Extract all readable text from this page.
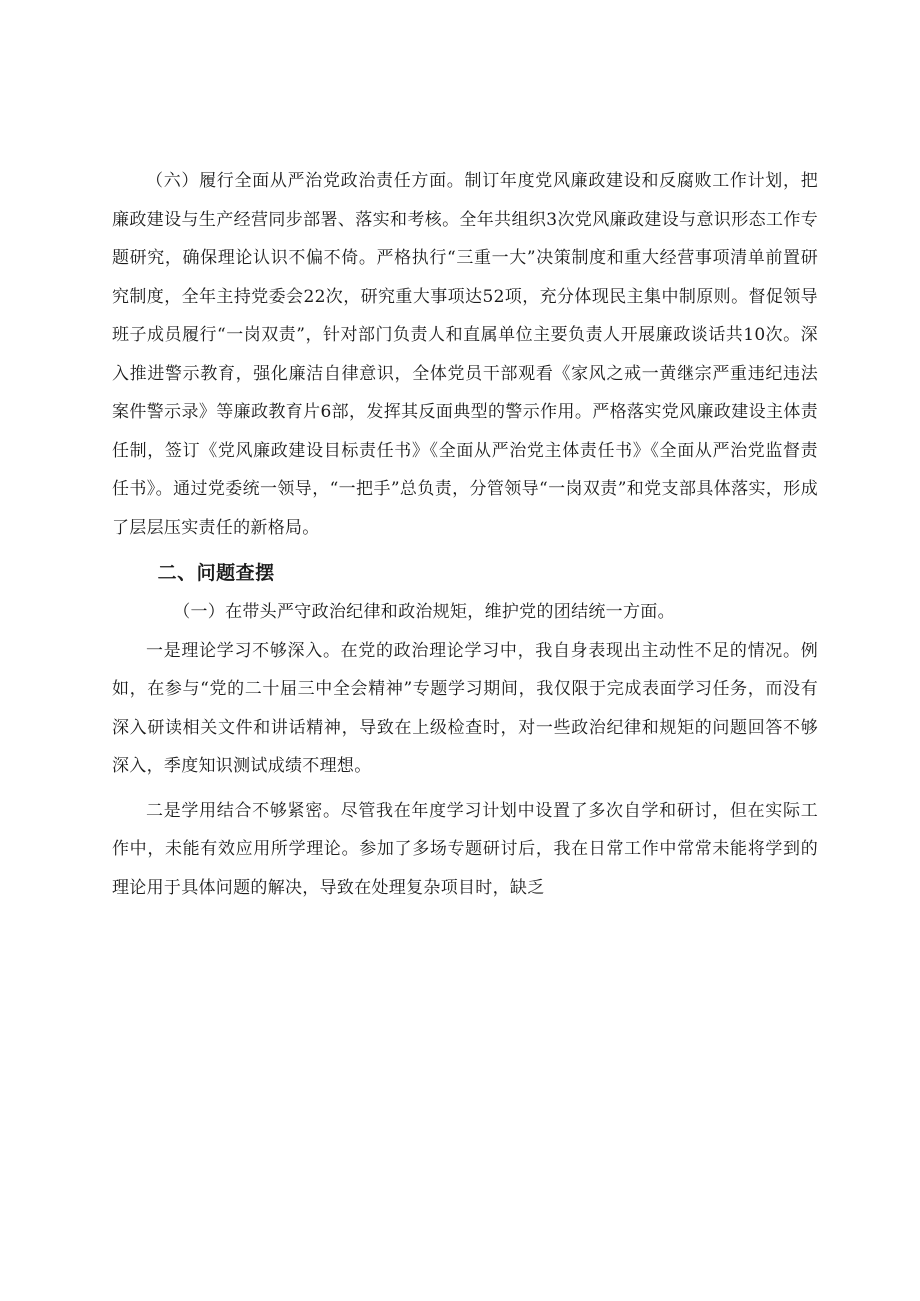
（六）履行全面从严治党政治责任方面。制订年度党风廉政建设和反腐败工作计划，把廉政建设与生产经营同步部署、落实和考核。全年共组织3次党风廉政建设与意识形态工作专题研究，确保理论认识不偏不倚。严格执行“三重一大”决策制度和重大经营事项清单前置研究制度，全年主持党委会22次，研究重大事项达52项，充分体现民主集中制原则。督促领导班子成员履行“一岗双责”，针对部门负责人和直属单位主要负责人开展廉政谈话共10次。深入推进警示教育，强化廉洁自律意识，全体党员干部观看《家风之戒一黄继宗严重违纪违法案件警示录》等廉政教育片6部，发挥其反面典型的警示作用。严格落实党风廉政建设主体责任制，签订《党风廉政建设目标责任书》《全面从严治党主体责任书》《全面从严治党监督责任书》。通过党委统一领导，“一把手”总负责，分管领导“一岗双责”和党支部具体落实，形成了层层压实责任的新格局。

二、问题查摆

（一）在带头严守政治纪律和政治规矩，维护党的团结统一方面。

一是理论学习不够深入。在党的政治理论学习中，我自身表现出主动性不足的情况。例如，在参与“党的二十届三中全会精神”专题学习期间，我仅限于完成表面学习任务，而没有深入研读相关文件和讲话精神，导致在上级检查时，对一些政治纪律和规矩的问题回答不够深入，季度知识测试成绩不理想。

二是学用结合不够紧密。尽管我在年度学习计划中设置了多次自学和研讨，但在实际工作中，未能有效应用所学理论。参加了多场专题研讨后，我在日常工作中常常未能将学到的理论用于具体问题的解决，导致在处理复杂项目时，缺乏
